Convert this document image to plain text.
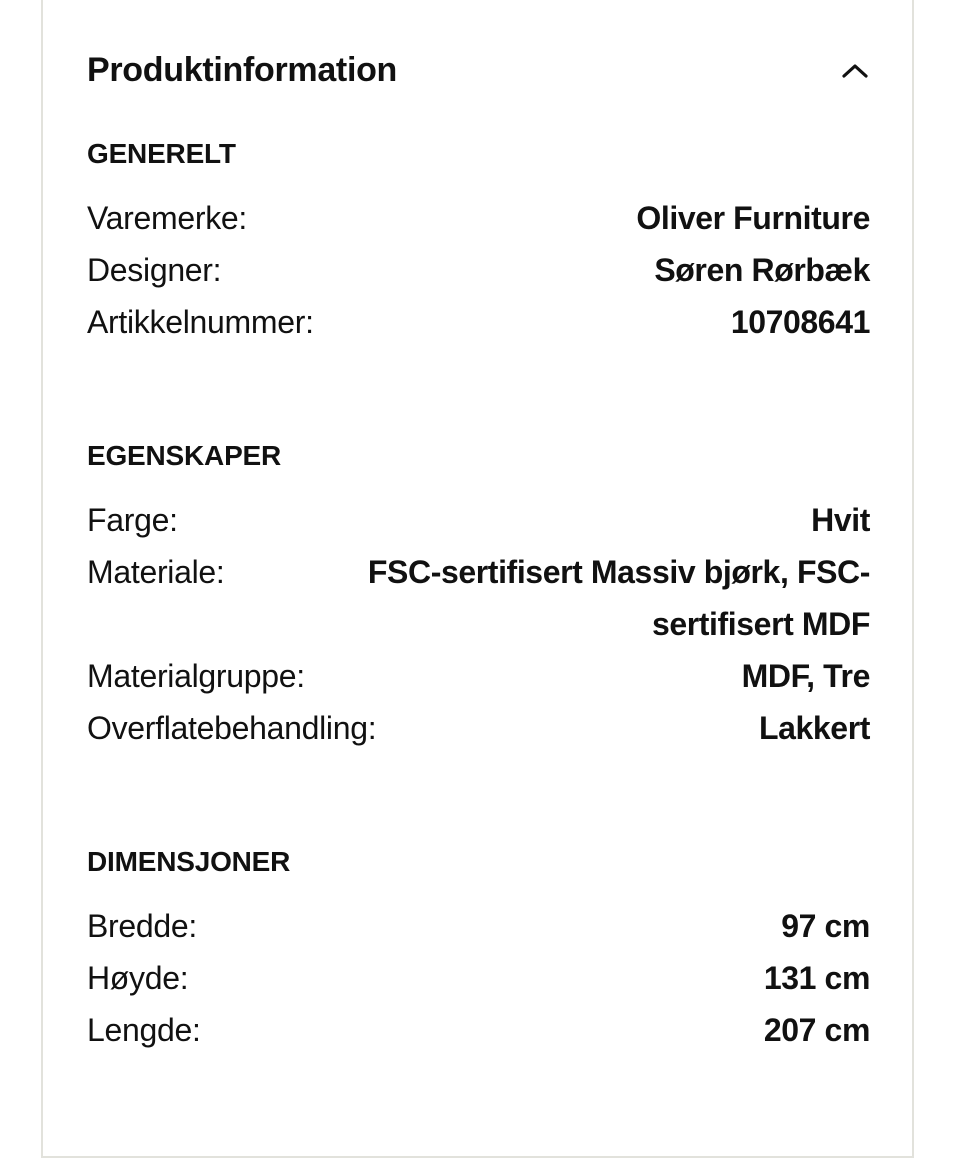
Produktinformation
GENERELT
Varemerke:	Oliver Furniture
Designer:	Søren Rørbæk
Artikkelnummer:	10708641
EGENSKAPER
Farge:	Hvit
Materiale:	FSC-sertifisert Massiv bjørk, FSC-sertifisert MDF
Materialgruppe:	MDF, Tre
Overflatebehandling:	Lakkert
DIMENSJONER
Bredde:	97 cm
Høyde:	131 cm
Lengde:	207 cm
